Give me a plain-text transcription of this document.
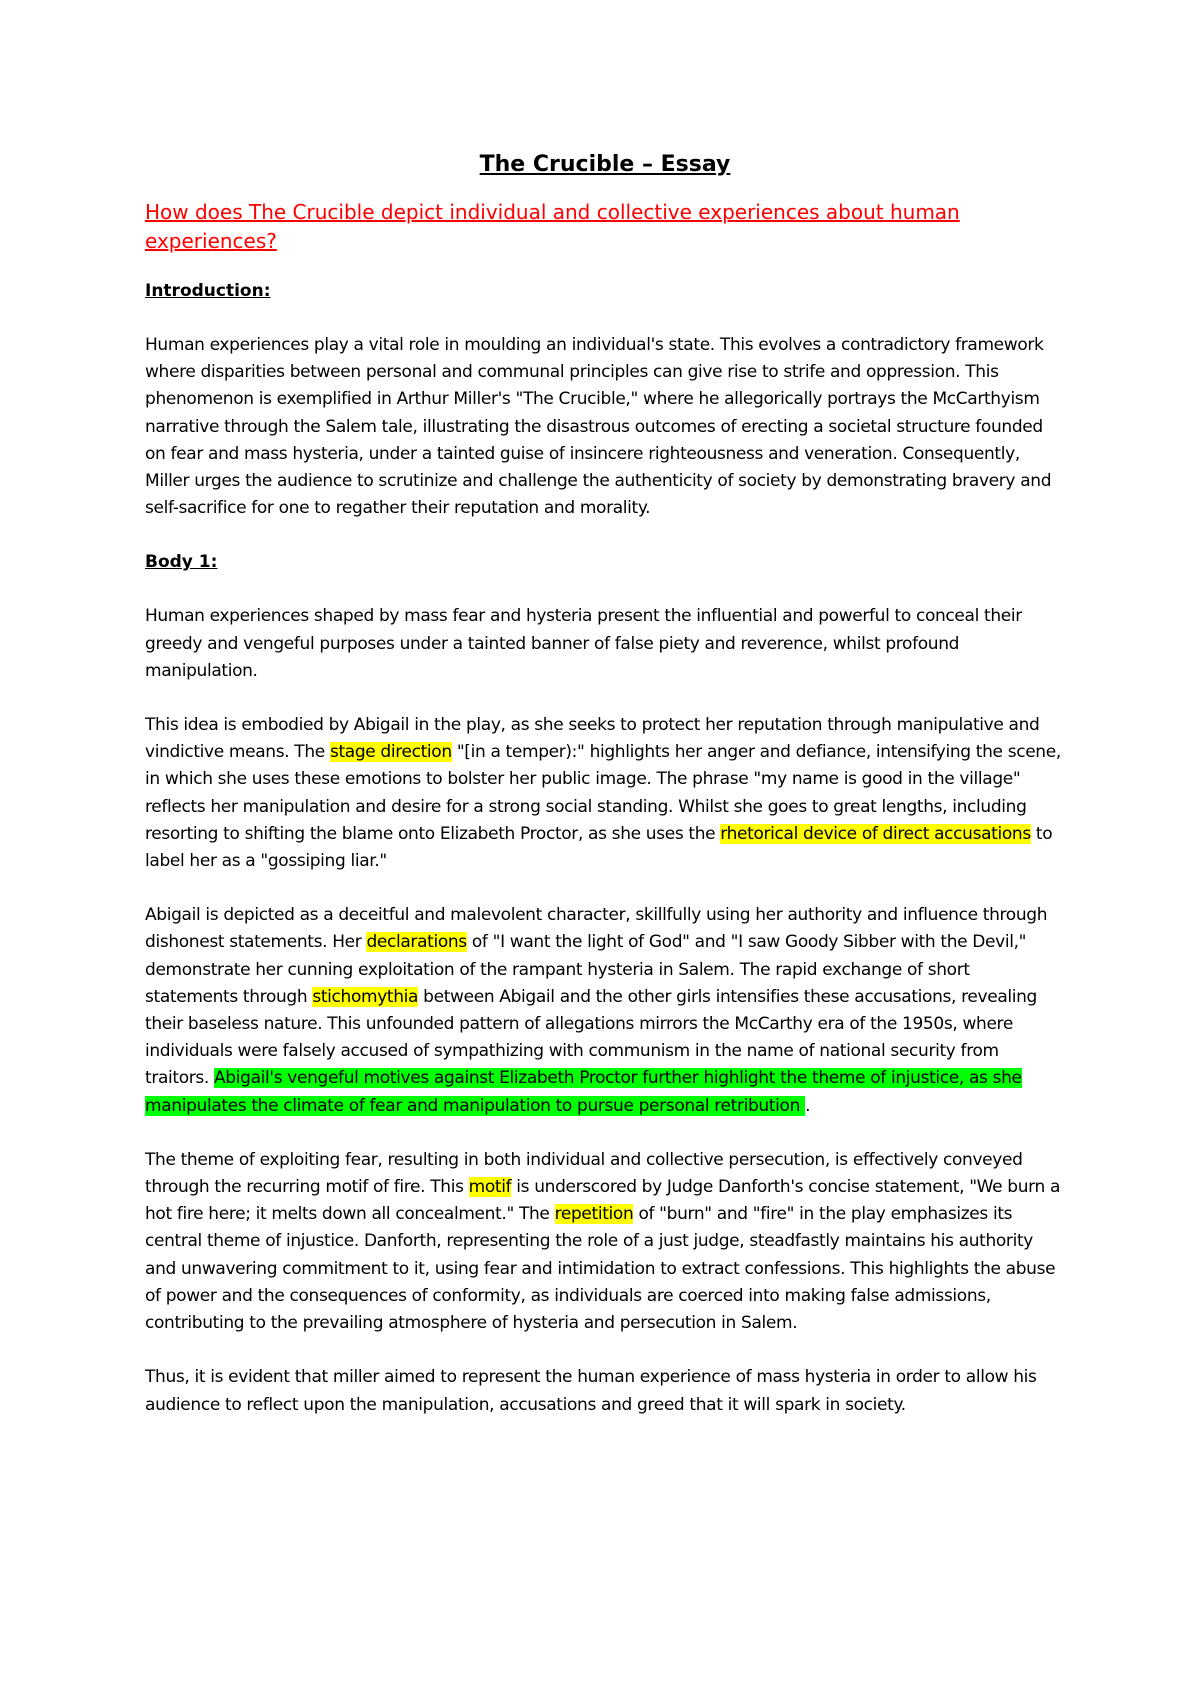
The Crucible – Essay
How does The Crucible depict individual and collective experiences about human experiences?
Introduction:
Human experiences play a vital role in moulding an individual's state. This evolves a contradictory framework where disparities between personal and communal principles can give rise to strife and oppression. This phenomenon is exemplified in Arthur Miller's "The Crucible," where he allegorically portrays the McCarthyism narrative through the Salem tale, illustrating the disastrous outcomes of erecting a societal structure founded on fear and mass hysteria, under a tainted guise of insincere righteousness and veneration. Consequently, Miller urges the audience to scrutinize and challenge the authenticity of society by demonstrating bravery and self-sacrifice for one to regather their reputation and morality.
Body 1:
Human experiences shaped by mass fear and hysteria present the influential and powerful to conceal their greedy and vengeful purposes under a tainted banner of false piety and reverence, whilst profound manipulation.
This idea is embodied by Abigail in the play, as she seeks to protect her reputation through manipulative and vindictive means. The stage direction "[in a temper):" highlights her anger and defiance, intensifying the scene, in which she uses these emotions to bolster her public image. The phrase "my name is good in the village" reflects her manipulation and desire for a strong social standing. Whilst she goes to great lengths, including resorting to shifting the blame onto Elizabeth Proctor, as she uses the rhetorical device of direct accusations to label her as a "gossiping liar."
Abigail is depicted as a deceitful and malevolent character, skillfully using her authority and influence through dishonest statements. Her declarations of "I want the light of God" and "I saw Goody Sibber with the Devil," demonstrate her cunning exploitation of the rampant hysteria in Salem. The rapid exchange of short statements through stichomythia between Abigail and the other girls intensifies these accusations, revealing their baseless nature. This unfounded pattern of allegations mirrors the McCarthy era of the 1950s, where individuals were falsely accused of sympathizing with communism in the name of national security from traitors. Abigail's vengeful motives against Elizabeth Proctor further highlight the theme of injustice, as she manipulates the climate of fear and manipulation to pursue personal retribution .
The theme of exploiting fear, resulting in both individual and collective persecution, is effectively conveyed through the recurring motif of fire. This motif is underscored by Judge Danforth's concise statement, "We burn a hot fire here; it melts down all concealment." The repetition of "burn" and "fire" in the play emphasizes its central theme of injustice. Danforth, representing the role of a just judge, steadfastly maintains his authority and unwavering commitment to it, using fear and intimidation to extract confessions. This highlights the abuse of power and the consequences of conformity, as individuals are coerced into making false admissions, contributing to the prevailing atmosphere of hysteria and persecution in Salem.
Thus, it is evident that miller aimed to represent the human experience of mass hysteria in order to allow his audience to reflect upon the manipulation, accusations and greed that it will spark in society.
